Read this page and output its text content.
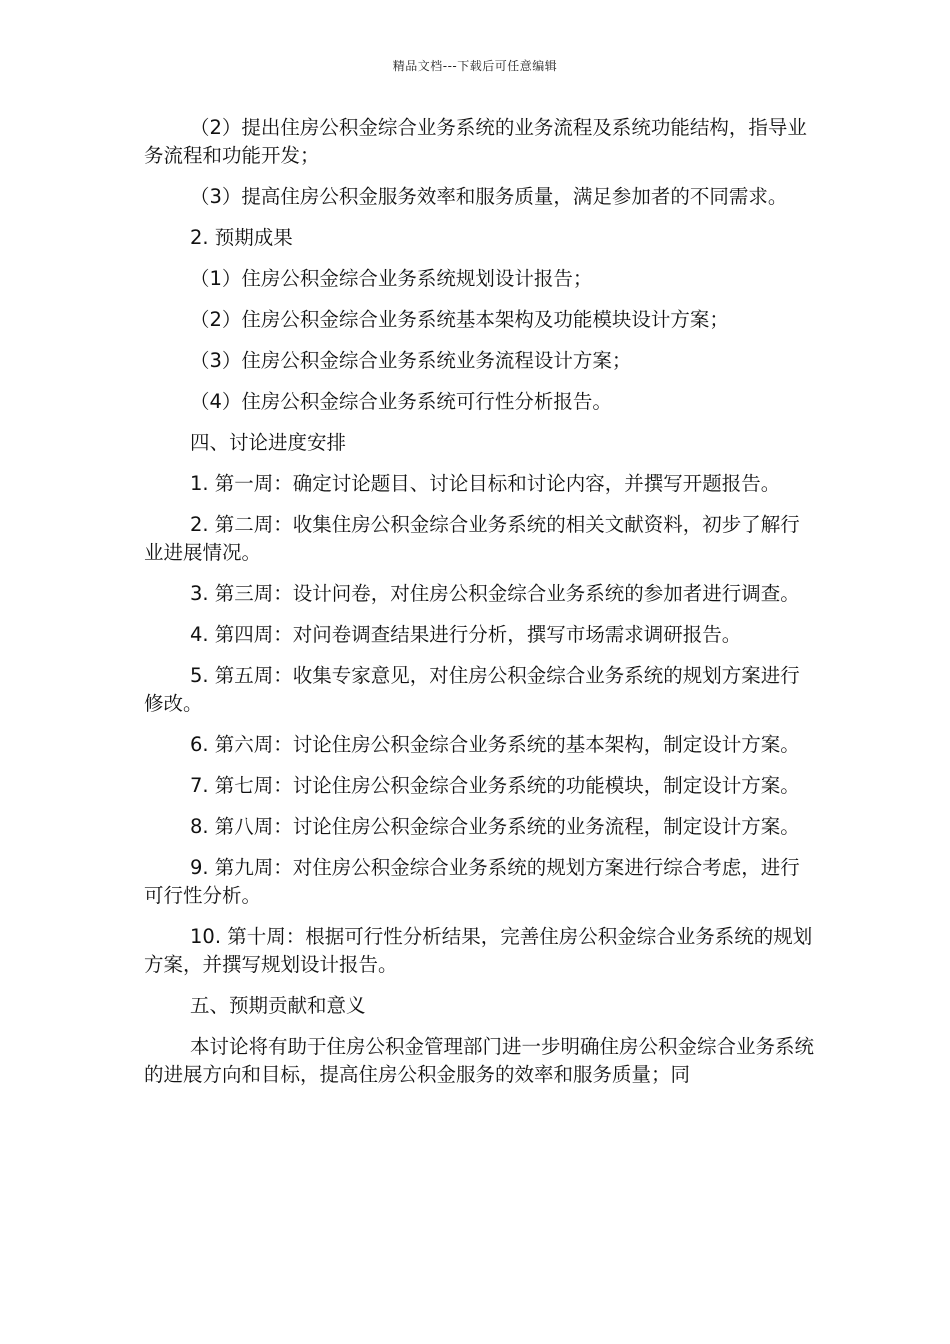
精品文档---下载后可任意编辑

（2）提出住房公积金综合业务系统的业务流程及系统功能结构，指导业务流程和功能开发；

（3）提高住房公积金服务效率和服务质量，满足参加者的不同需求。

2. 预期成果

（1）住房公积金综合业务系统规划设计报告；

（2）住房公积金综合业务系统基本架构及功能模块设计方案；

（3）住房公积金综合业务系统业务流程设计方案；

（4）住房公积金综合业务系统可行性分析报告。

四、讨论进度安排

1. 第一周：确定讨论题目、讨论目标和讨论内容，并撰写开题报告。

2. 第二周：收集住房公积金综合业务系统的相关文献资料，初步了解行业进展情况。

3. 第三周：设计问卷，对住房公积金综合业务系统的参加者进行调查。

4. 第四周：对问卷调查结果进行分析，撰写市场需求调研报告。

5. 第五周：收集专家意见，对住房公积金综合业务系统的规划方案进行修改。

6. 第六周：讨论住房公积金综合业务系统的基本架构，制定设计方案。

7. 第七周：讨论住房公积金综合业务系统的功能模块，制定设计方案。

8. 第八周：讨论住房公积金综合业务系统的业务流程，制定设计方案。

9. 第九周：对住房公积金综合业务系统的规划方案进行综合考虑，进行可行性分析。

10. 第十周：根据可行性分析结果，完善住房公积金综合业务系统的规划方案，并撰写规划设计报告。

五、预期贡献和意义

本讨论将有助于住房公积金管理部门进一步明确住房公积金综合业务系统的进展方向和目标，提高住房公积金服务的效率和服务质量；同
